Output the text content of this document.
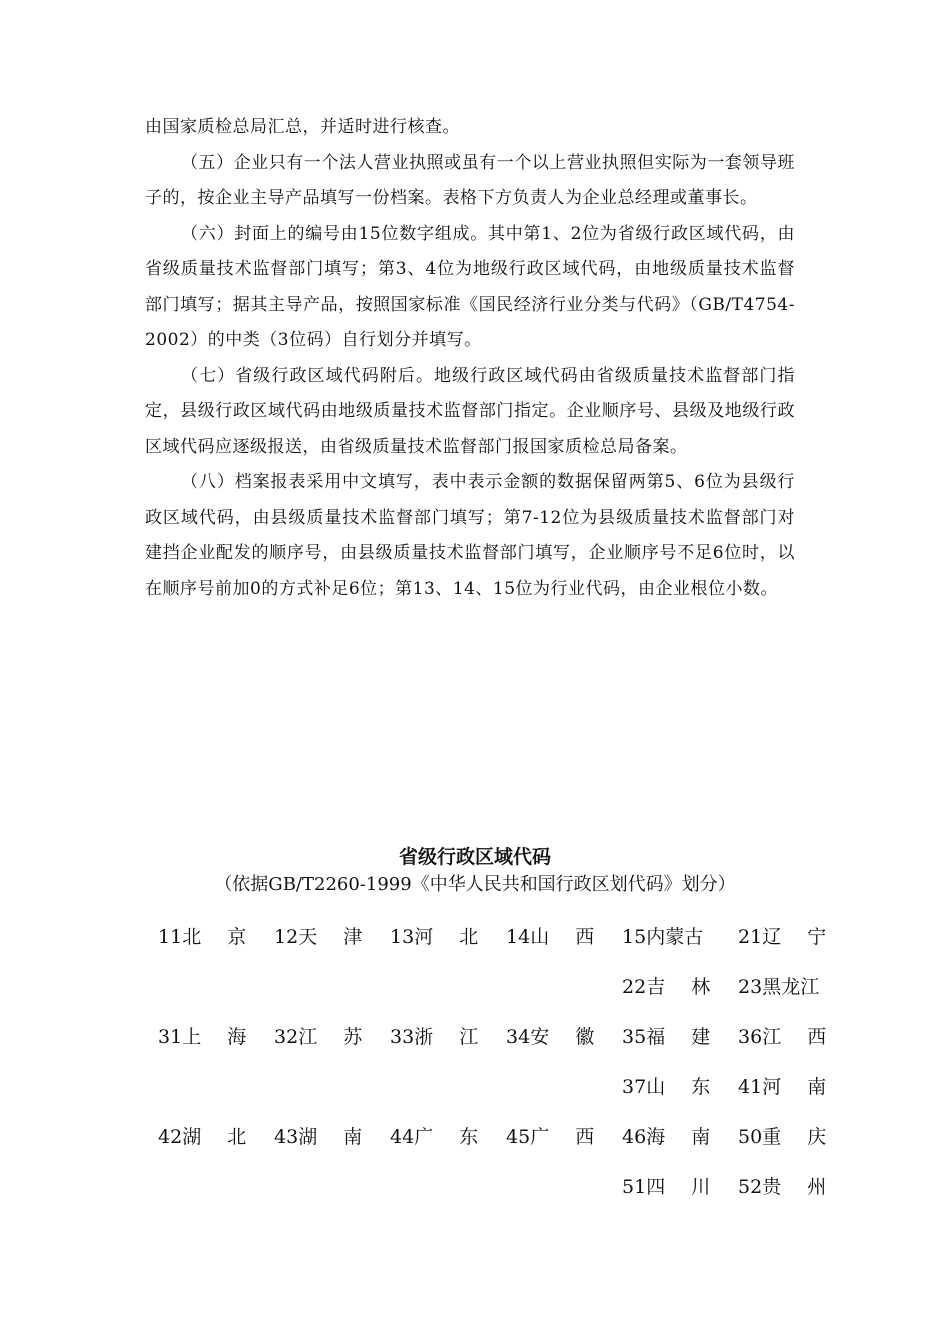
由国家质检总局汇总，并适时进行核查。

（五）企业只有一个法人营业执照或虽有一个以上营业执照但实际为一套领导班子的，按企业主导产品填写一份档案。表格下方负责人为企业总经理或董事长。

（六）封面上的编号由15位数字组成。其中第1、2位为省级行政区域代码，由省级质量技术监督部门填写；第3、4位为地级行政区域代码，由地级质量技术监督部门填写；据其主导产品，按照国家标准《国民经济行业分类与代码》（GB/T4754-2002）的中类（3位码）自行划分并填写。

（七）省级行政区域代码附后。地级行政区域代码由省级质量技术监督部门指定，县级行政区域代码由地级质量技术监督部门指定。企业顺序号、县级及地级行政区域代码应逐级报送，由省级质量技术监督部门报国家质检总局备案。

（八）档案报表采用中文填写，表中表示金额的数据保留两第5、6位为县级行政区域代码，由县级质量技术监督部门填写；第7-12位为县级质量技术监督部门对建挡企业配发的顺序号，由县级质量技术监督部门填写，企业顺序号不足6位时，以在顺序号前加0的方式补足6位；第13、14、15位为行业代码，由企业根位小数。

省级行政区域代码
（依据GB/T2260-1999《中华人民共和国行政区划代码》划分）
11北京 12天津 13河北 14山西 15内蒙古 21辽宁
22吉林 23黑龙江
31上海 32江苏 33浙江 34安徽 35福建 36江西
37山东 41河南
42湖北 43湖南 44广东 45广西 46海南 50重庆
51四川 52贵州
